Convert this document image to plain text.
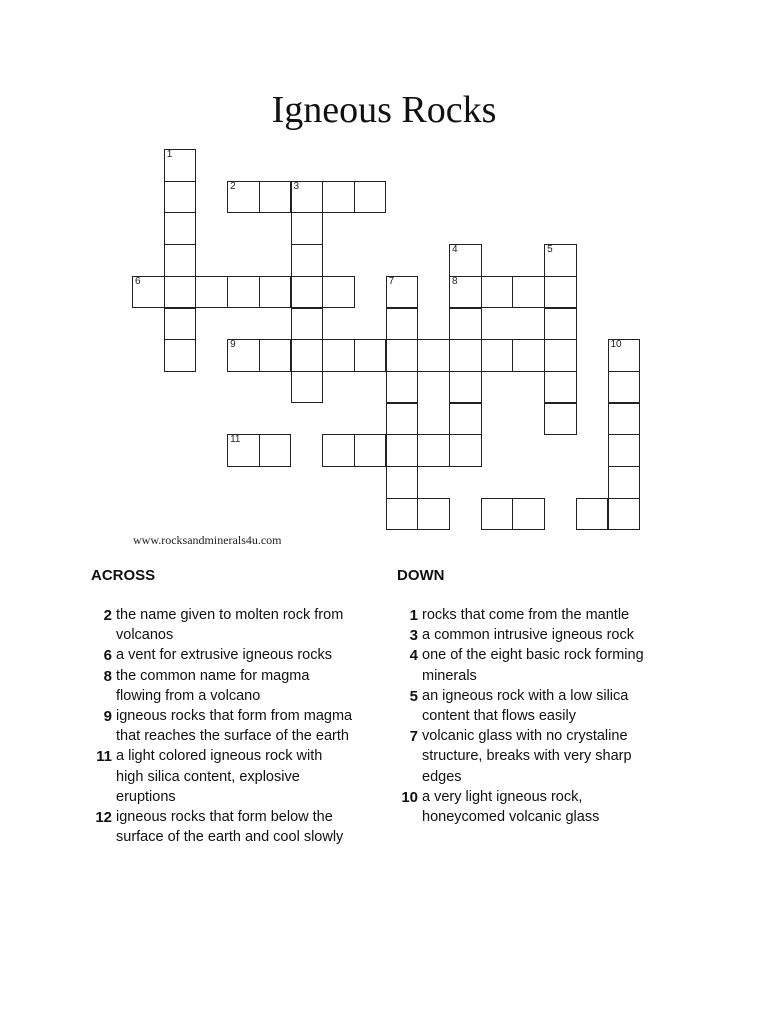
Igneous Rocks
1
2	3
6	7
4
8
5
9
11
10
www.rocksandminerals4u.com
ACROSS	DOWN
2 the name given to molten rock from
volcanos
6 a vent for extrusive igneous rocks
8 the common name for magma
flowing from a volcano
9 igneous rocks that form from magma
that reaches the surface of the earth
11 a light colored igneous rock with
high silica content, explosive
eruptions
12 igneous rocks that form below the
surface of the earth and cool slowly
1 rocks that come from the mantle
3 a common intrusive igneous rock
4 one of the eight basic rock forming
minerals
5 an igneous rock with a low silica
content that flows easily
7 volcanic glass with no crystaline
structure, breaks with very sharp
edges
10 a very light igneous rock,
honeycomed volcanic glass
